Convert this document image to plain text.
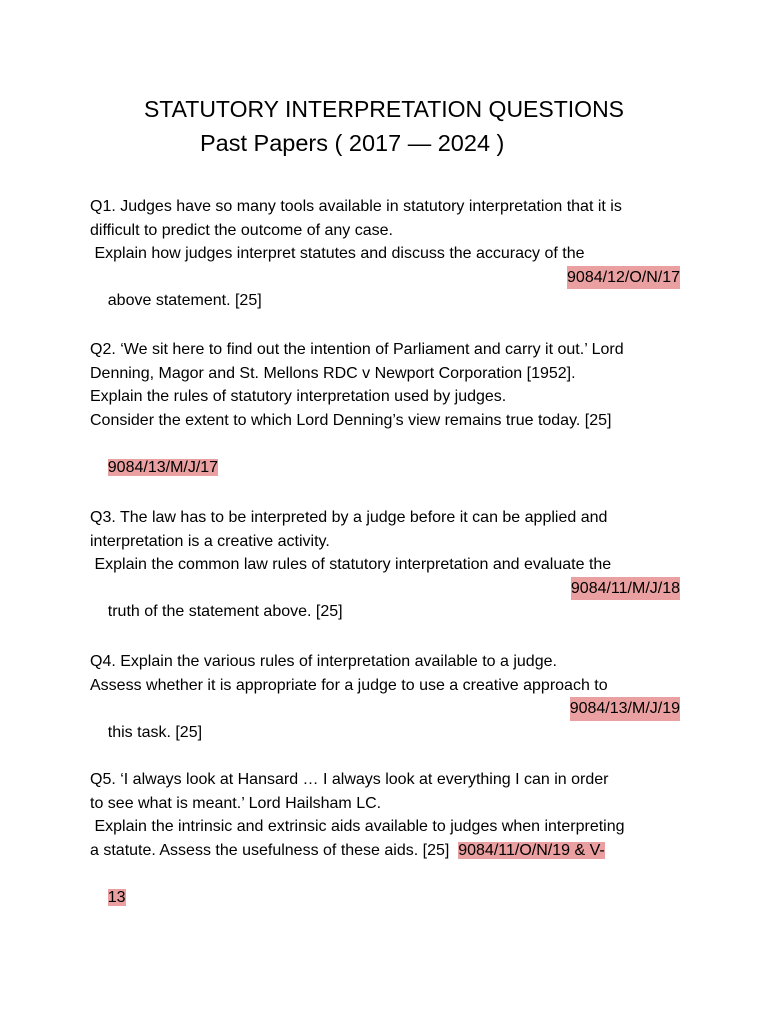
STATUTORY INTERPRETATION QUESTIONS
Past Papers ( 2017 — 2024 )
Q1. Judges have so many tools available in statutory interpretation that it is
difficult to predict the outcome of any case.
Explain how judges interpret statutes and discuss the accuracy of the

above statement. [25]

9084/12/O/N/17

Q2. ‘We sit here to find out the intention of Parliament and carry it out.’ Lord
Denning, Magor and St. Mellons RDC v Newport Corporation [1952].
Explain the rules of statutory interpretation used by judges.
Consider the extent to which Lord Denning’s view remains true today. [25]

9084/13/M/J/17

Q3. The law has to be interpreted by a judge before it can be applied and
interpretation is a creative activity.
Explain the common law rules of statutory interpretation and evaluate the

truth of the statement above. [25]

9084/11/M/J/18

Q4. Explain the various rules of interpretation available to a judge.
Assess whether it is appropriate for a judge to use a creative approach to

this task. [25]

9084/13/M/J/19

Q5. ‘I always look at Hansard … I always look at everything I can in order
to see what is meant.’ Lord Hailsham LC.
Explain the intrinsic and extrinsic aids available to judges when interpreting
a statute. Assess the usefulness of these aids. [25]  9084/11/O/N/19 & V-

13
